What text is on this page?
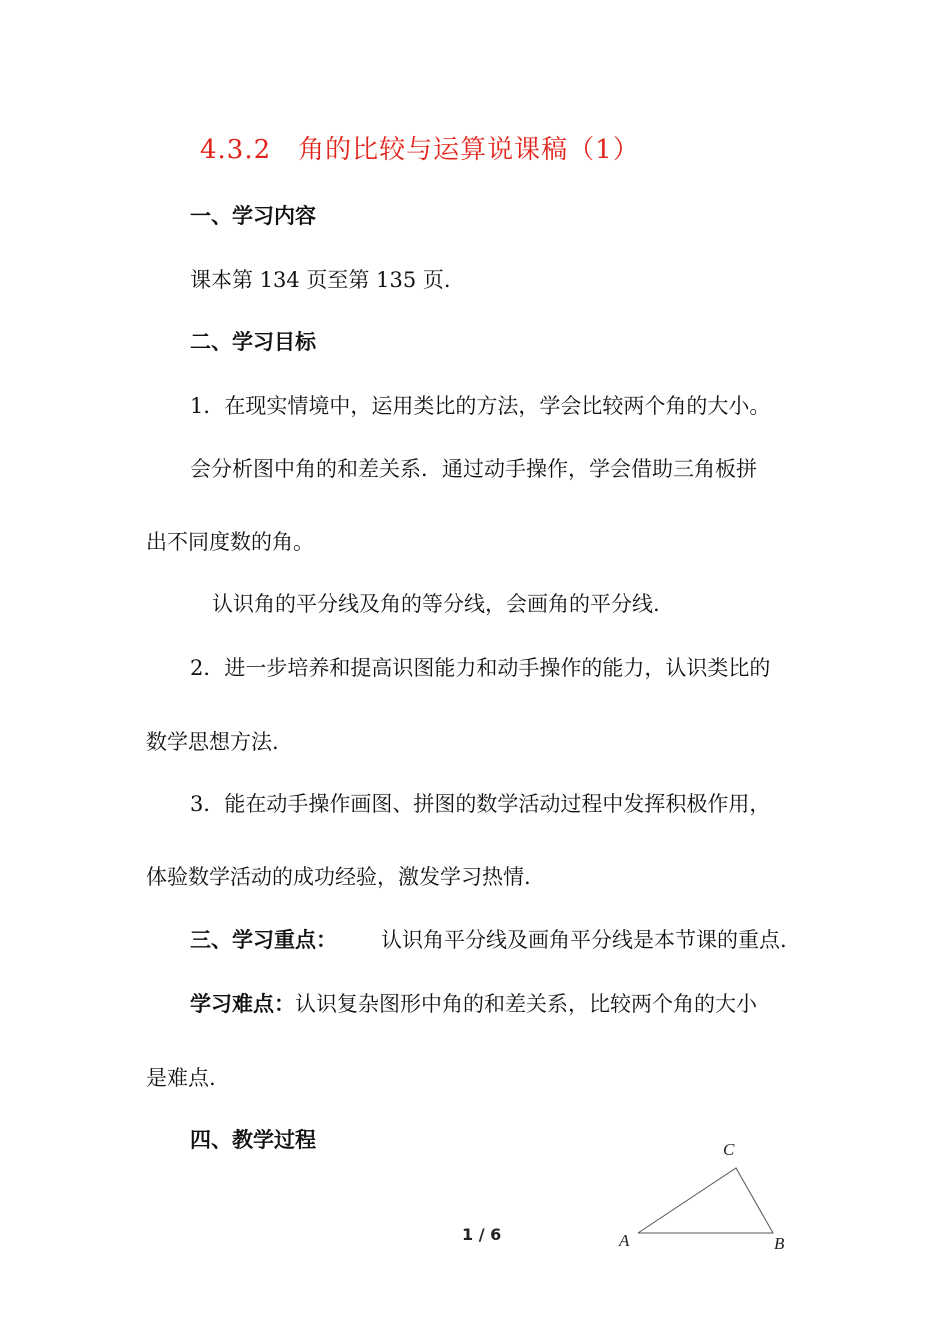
4.3.2　角的比较与运算说课稿（1）
一、学习内容
课本第 134 页至第 135 页.
二、学习目标
1．在现实情境中，运用类比的方法，学会比较两个角的大小。
会分析图中角的和差关系．通过动手操作，学会借助三角板拼
出不同度数的角。
认识角的平分线及角的等分线，会画角的平分线.
2．进一步培养和提高识图能力和动手操作的能力，认识类比的
数学思想方法.
3．能在动手操作画图、拼图的数学活动过程中发挥积极作用，
体验数学活动的成功经验，激发学习热情.
三、学习重点： 认识角平分线及画角平分线是本节课的重点.
学习难点：认识复杂图形中角的和差关系，比较两个角的大小
是难点.
四、教学过程
A	B
C
1 / 6
